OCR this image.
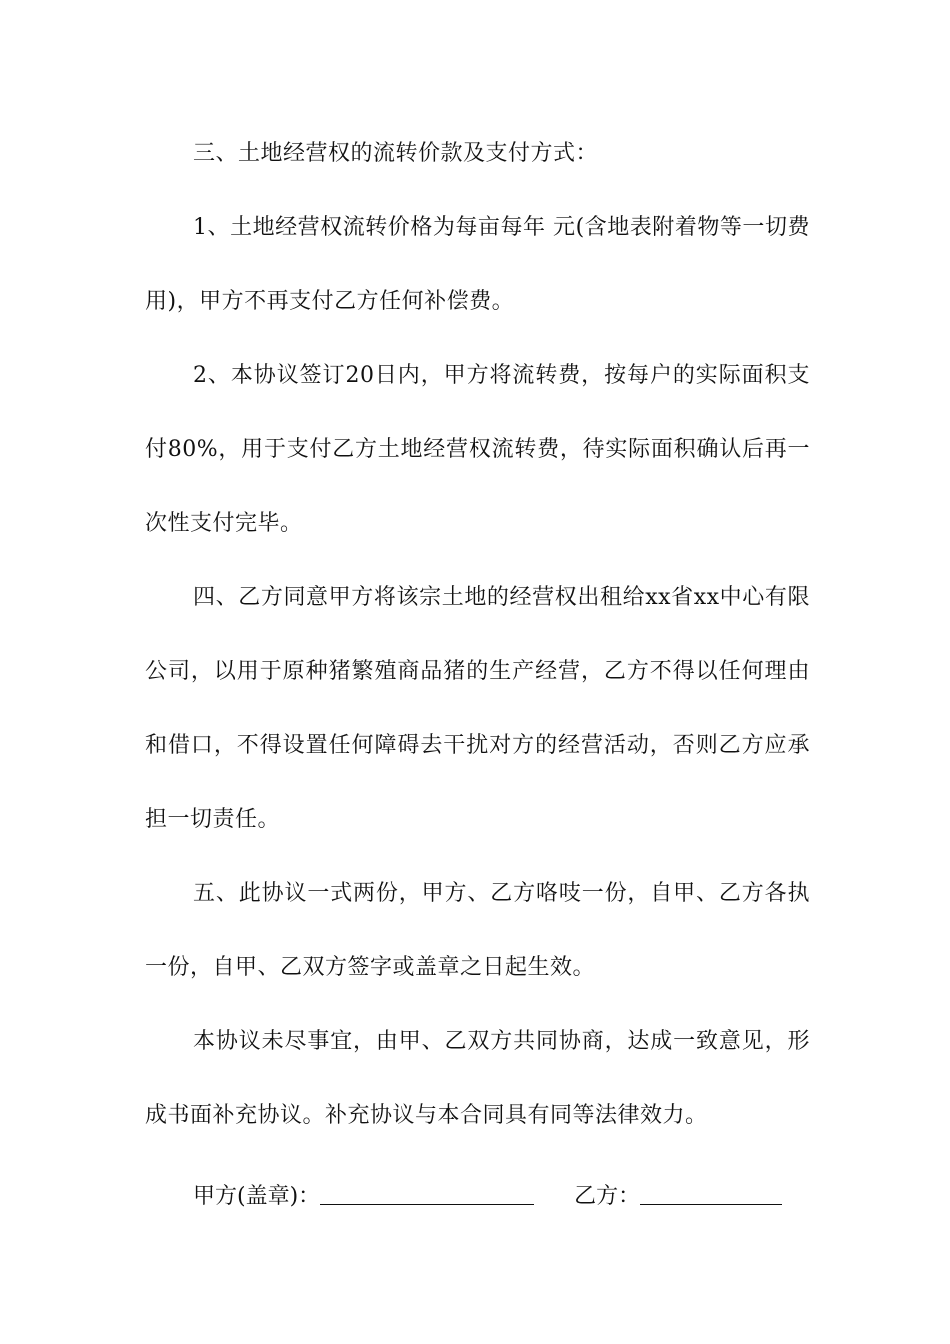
三、土地经营权的流转价款及支付方式：

1、土地经营权流转价格为每亩每年 元(含地表附着物等一切费用)，甲方不再支付乙方任何补偿费。

2、本协议签订20日内，甲方将流转费，按每户的实际面积支付80%，用于支付乙方土地经营权流转费，待实际面积确认后再一次性支付完毕。

四、乙方同意甲方将该宗土地的经营权出租给xx省xx中心有限公司，以用于原种猪繁殖商品猪的生产经营，乙方不得以任何理由和借口，不得设置任何障碍去干扰对方的经营活动，否则乙方应承担一切责任。

五、此协议一式两份，甲方、乙方咯吱一份，自甲、乙方各执一份，自甲、乙双方签字或盖章之日起生效。

本协议未尽事宜，由甲、乙双方共同协商，达成一致意见，形成书面补充协议。补充协议与本合同具有同等法律效力。

甲方(盖章)：	乙方：
